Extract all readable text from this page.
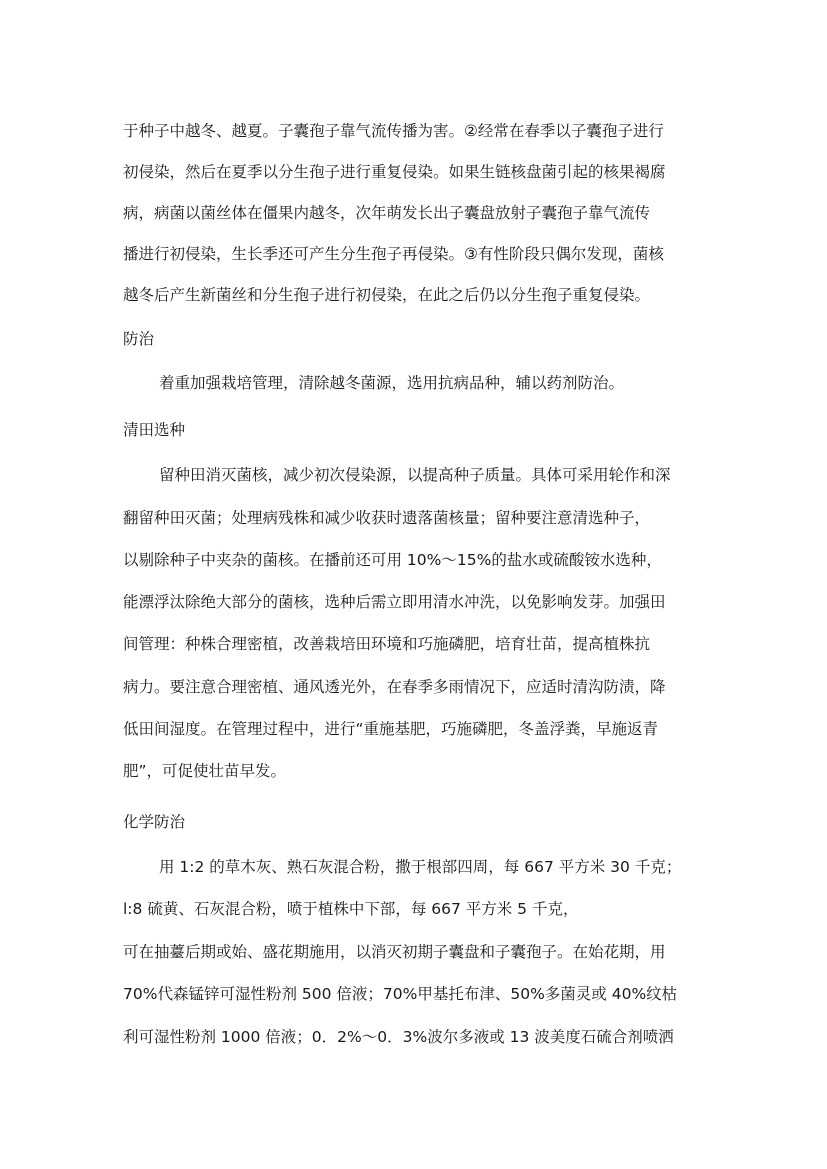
于种子中越冬、越夏。子囊孢子靠气流传播为害。②经常在春季以子囊孢子进行
初侵染，然后在夏季以分生孢子进行重复侵染。如果生链核盘菌引起的核果褐腐
病，病菌以菌丝体在僵果内越冬，次年萌发长出子囊盘放射子囊孢子靠气流传
播进行初侵染，生长季还可产生分生孢子再侵染。③有性阶段只偶尔发现，菌核
越冬后产生新菌丝和分生孢子进行初侵染，在此之后仍以分生孢子重复侵染。
防治
着重加强栽培管理，清除越冬菌源，选用抗病品种，辅以药剂防治。
清田选种
留种田消灭菌核，减少初次侵染源，以提高种子质量。具体可采用轮作和深
翻留种田灭菌；处理病残株和减少收获时遗落菌核量；留种要注意清选种子，
以剔除种子中夹杂的菌核。在播前还可用 10%～15%的盐水或硫酸铵水选种，
能漂浮汰除绝大部分的菌核，选种后需立即用清水冲洗，以免影响发芽。加强田
间管理：种株合理密植，改善栽培田环境和巧施磷肥，培育壮苗，提高植株抗
病力。要注意合理密植、通风透光外，在春季多雨情况下，应适时清沟防渍，降
低田间湿度。在管理过程中，进行“重施基肥，巧施磷肥，冬盖浮粪，早施返青
肥”，可促使壮苗早发。
化学防治
用 1:2 的草木灰、熟石灰混合粉，撒于根部四周，每 667 平方米 30 千克；
l:8 硫黄、石灰混合粉，喷于植株中下部，每 667 平方米 5 千克，
可在抽薹后期或始、盛花期施用，以消灭初期子囊盘和子囊孢子。在始花期，用
70%代森锰锌可湿性粉剂 500 倍液；70%甲基托布津、50%多菌灵或 40%纹枯
利可湿性粉剂 1000 倍液；0．2%～0．3%波尔多液或 13 波美度石硫合剂喷洒
